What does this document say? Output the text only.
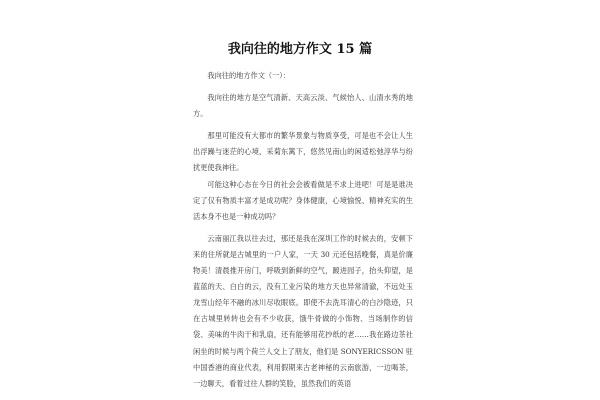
我向往的地方作文 15 篇

我向往的地方作文（一）：

我向往的地方是空气清新、天高云淡、气候怡人、山清水秀的地方。

那里可能没有大都市的繁华景象与物质享受，可是也不会让人生出浮躁与迷茫的心境，采菊东篱下，悠然见南山的闲适松弛淳华与纷扰更使我神往。

可能这种心态在今日的社会会被看做是不求上进吧！可是是谁决定了仅有物质丰富才是成功呢？身体健康，心境愉悦、精神充实的生活本身不也是一种成功吗？

云南丽江我以往去过，那还是我在深圳工作的时候去的，安顿下来的住所就是古城里的一户人家，一天 30 元还包括晚餐，真是价廉物美！清晨推开房门，呼吸到新鲜的空气，踱进园子，抬头仰望，是蓝蓝的天、白白的云，没有工业污染的地方天也异常清澈，不远处玉龙雪山经年不融的冰川尽收眼底。即使不去洗耳清心的白沙隐迹，只在古城里转转也会有不少收获，饿牛骨做的小饰物、当场制作的信袋、美味的牛肉干和乳扇，还有能够用花抄纸的老……我在路边茶社闲坐的时候与两个荷兰人交上了朋友，他们是 SONYERICSSON 驻中国香港的商业代表，利用假期来古老神秘的云南旅游，一边喝茶，一边聊天，看着过往人群的笑脸，虽然我们的英语
